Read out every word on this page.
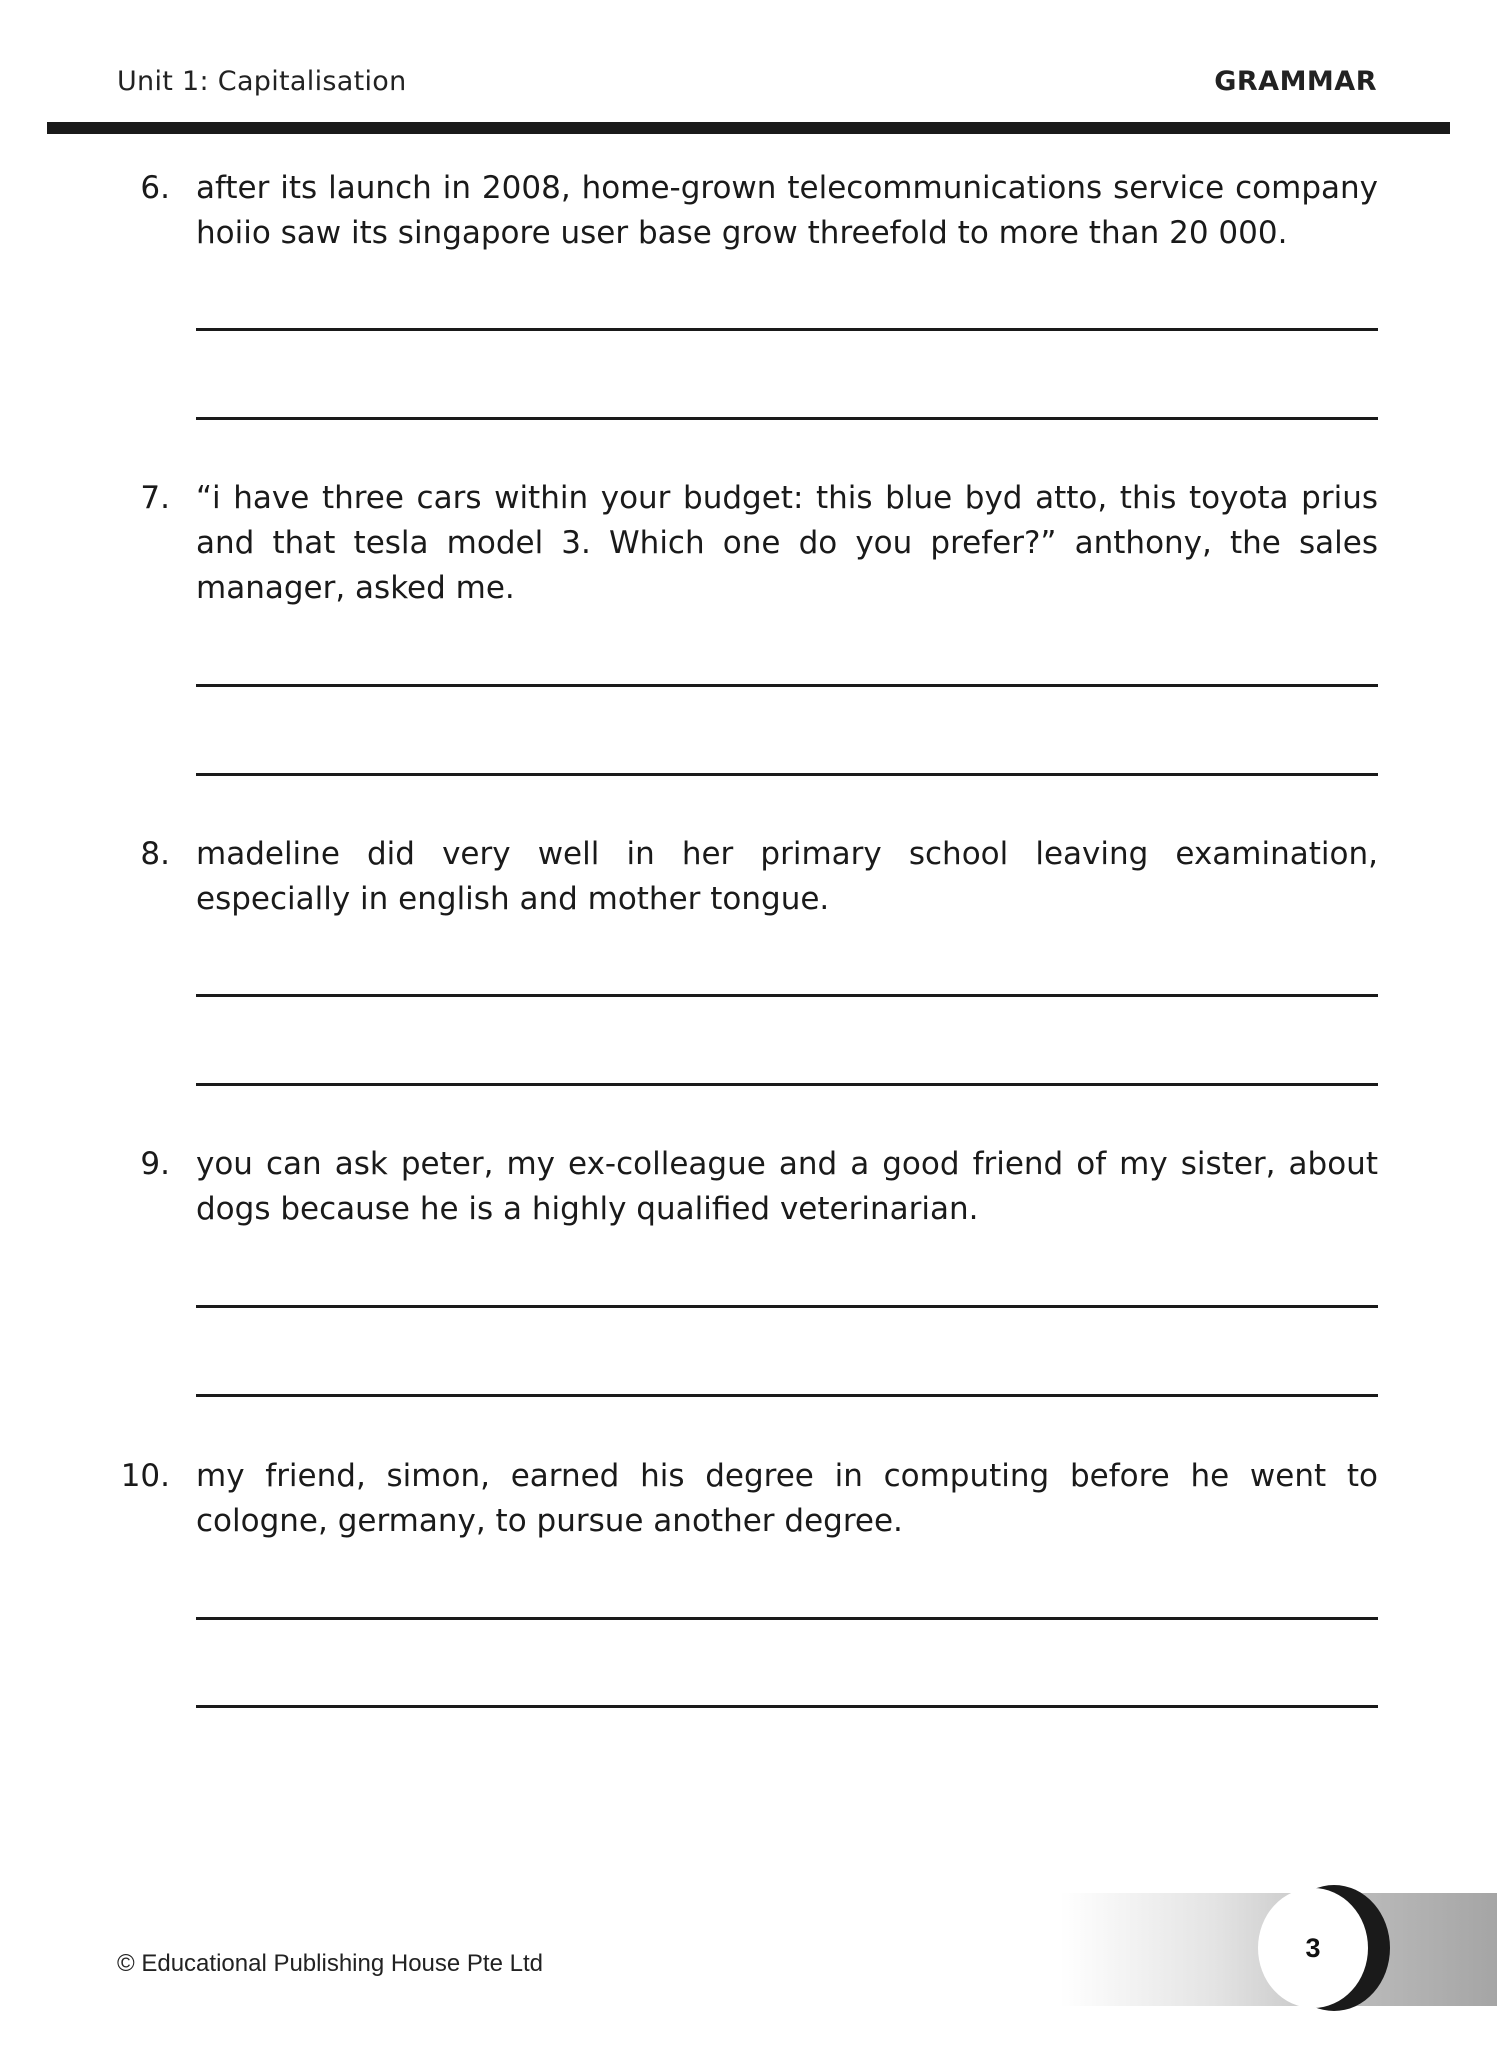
Unit 1: Capitalisation	GRAMMAR
6. after its launch in 2008, home-grown telecommunications service company hoiio saw its singapore user base grow threefold to more than 20 000.
7. “i have three cars within your budget: this blue byd atto, this toyota prius and that tesla model 3. Which one do you prefer?” anthony, the sales manager, asked me.
8. madeline did very well in her primary school leaving examination, especially in english and mother tongue.
9. you can ask peter, my ex-colleague and a good friend of my sister, about dogs because he is a highly qualified veterinarian.
10. my friend, simon, earned his degree in computing before he went to cologne, germany, to pursue another degree.
© Educational Publishing House Pte Ltd
3
